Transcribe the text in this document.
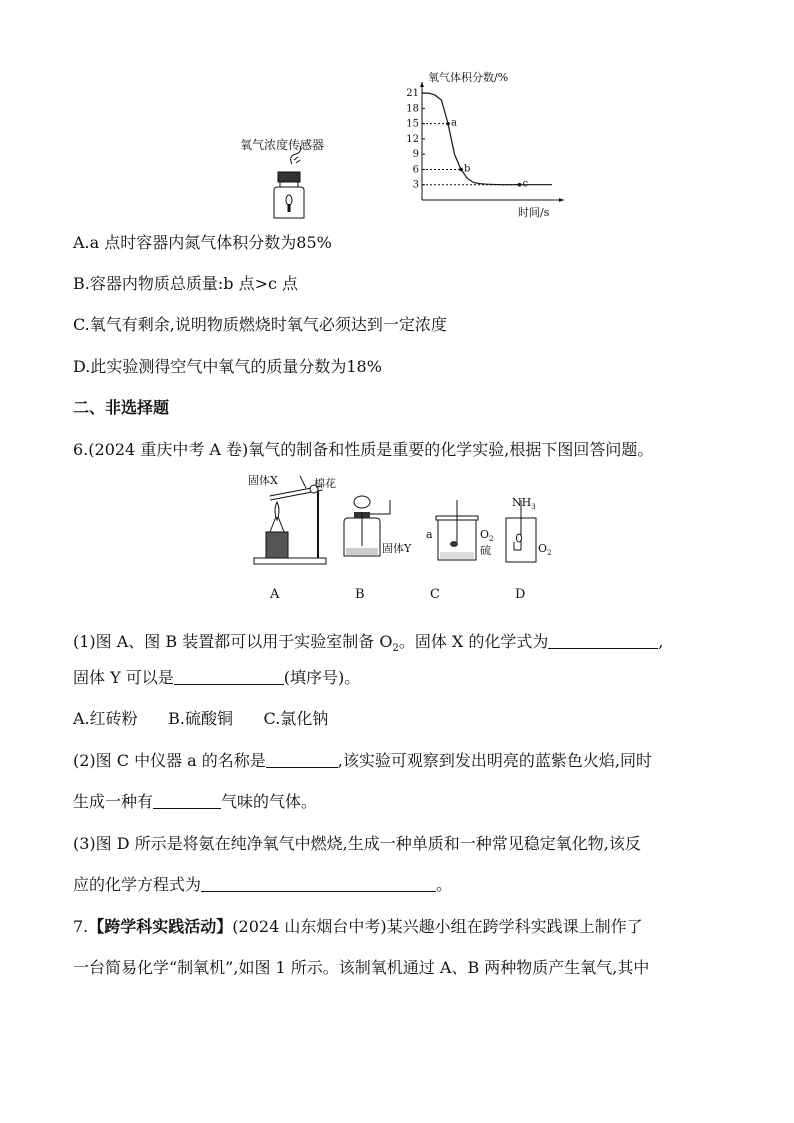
氧气浓度传感器
氧气体积分数/%
时间/s
3
6
9
12
15
18
21
a
b
c
A.a 点时容器内氮气体积分数为85%
B.容器内物质总质量:b 点>c 点
C.氧气有剩余,说明物质燃烧时氧气必须达到一定浓度
D.此实验测得空气中氧气的质量分数为18%
二、非选择题
6.(2024 重庆中考 A 卷)氧气的制备和性质是重要的化学实验,根据下图回答问题。
固体X	棉花
固体Y
a	$O_2$
硫
$NH_3$
$O_2$
A	B	C	D
(1)图 A、图 B 装置都可以用于实验室制备 $O_2$。固体 X 的化学式为	,
固体 Y 可以是	(填序号)。
A.红砖粉      B.硫酸铜      C.氯化钠
(2)图 C 中仪器 a 的名称是	,该实验可观察到发出明亮的蓝紫色火焰,同时
生成一种有	气味的气体。
(3)图 D 所示是将氨在纯净氧气中燃烧,生成一种单质和一种常见稳定氧化物,该反
应的化学方程式为	。
7.【跨学科实践活动】(2024 山东烟台中考)某兴趣小组在跨学科实践课上制作了
一台简易化学“制氧机”,如图 1 所示。该制氧机通过 A、B 两种物质产生氧气,其中
